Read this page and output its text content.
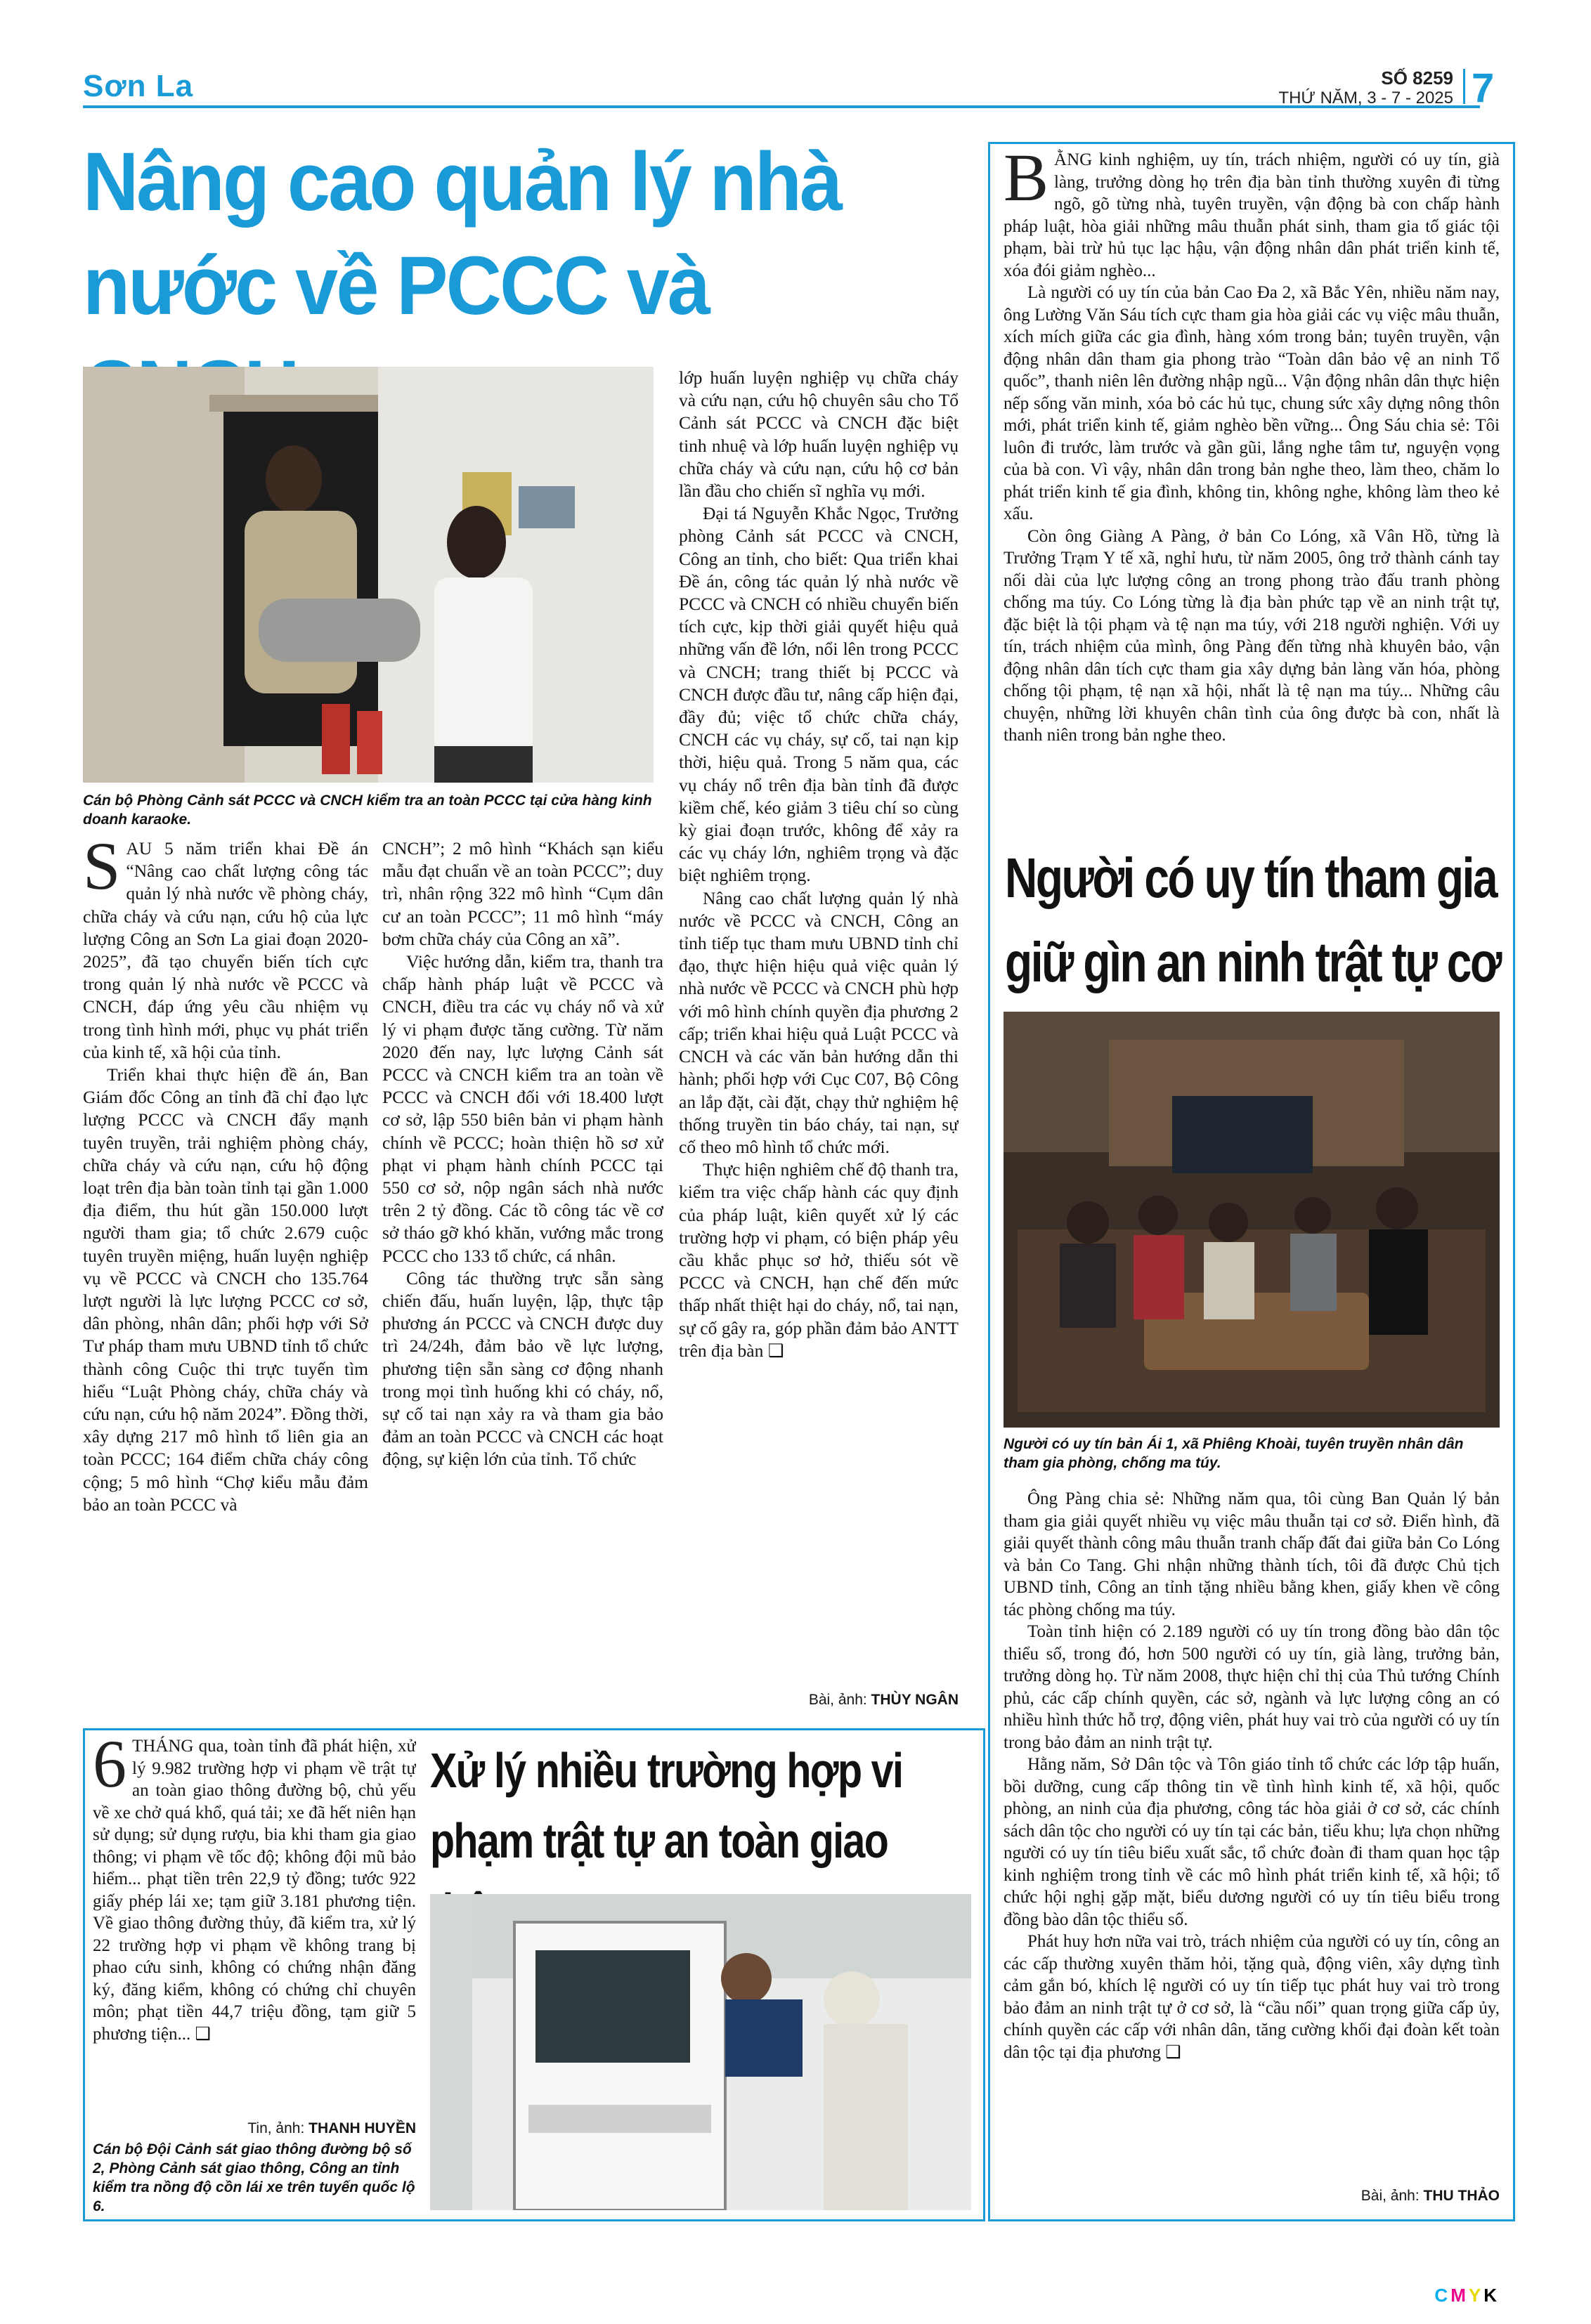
Sơn La	SỐ 8259
THỨ NĂM, 3 - 7 - 2025 7
Nâng cao quản lý nhà nước về PCCC và
Cán bộ Phòng Cảnh sát PCCC và CNCH kiểm tra an toàn PCCC tại cửa hàng kinh doanh karaoke.
S AU 5 năm triển khai Đề án “Nâng cao chất lượng công tác quản lý nhà nước về phòng cháy, chữa cháy và cứu nạn, cứu hộ của lực lượng Công an Sơn La giai đoạn 2020-2025”, đã tạo chuyển biến tích cực trong quản lý nhà nước về PCCC và CNCH, đáp ứng yêu cầu nhiệm vụ trong tình hình mới, phục vụ phát triển của kinh tế, xã hội của tỉnh.

Triển khai thực hiện đề án, Ban Giám đốc Công an tỉnh đã chỉ đạo lực lượng PCCC và CNCH đẩy mạnh tuyên truyền, trải nghiệm phòng cháy, chữa cháy và cứu nạn, cứu hộ động loạt trên địa bàn toàn tỉnh tại gần 1.000 địa điểm, thu hút gần 150.000 lượt người tham gia; tổ chức 2.679 cuộc tuyên truyền miệng, huấn luyện nghiệp vụ về PCCC và CNCH cho 135.764 lượt người là lực lượng PCCC cơ sở, dân phòng, nhân dân; phối hợp với Sở Tư pháp tham mưu UBND tỉnh tổ chức thành công Cuộc thi trực tuyến tìm hiểu “Luật Phòng cháy, chữa cháy và cứu nạn, cứu hộ năm 2024”. Đồng thời, xây dựng 217 mô hình tổ liên gia an toàn PCCC; 164 điểm chữa cháy công cộng; 5 mô hình “Chợ kiểu mẫu đảm bảo an toàn PCCC và

CNCH”; 2 mô hình “Khách sạn kiểu mẫu đạt chuẩn về an toàn PCCC”; duy trì, nhân rộng 322 mô hình “Cụm dân cư an toàn PCCC”; 11 mô hình “máy bơm chữa cháy của Công an xã”.

Việc hướng dẫn, kiểm tra, thanh tra chấp hành pháp luật về PCCC và CNCH, điều tra các vụ cháy nổ và xử lý vi phạm được tăng cường. Từ năm 2020 đến nay, lực lượng Cảnh sát PCCC và CNCH kiểm tra an toàn về PCCC và CNCH đối với 18.400 lượt cơ sở, lập 550 biên bản vi phạm hành chính về PCCC; hoàn thiện hồ sơ xử phạt vi phạm hành chính PCCC tại 550 cơ sở, nộp ngân sách nhà nước trên 2 tỷ đồng. Các tồ công tác về cơ sở tháo gỡ khó khăn, vướng mắc trong PCCC cho 133 tổ chức, cá nhân.

Công tác thường trực sẵn sàng chiến đấu, huấn luyện, lập, thực tập phương án PCCC và CNCH được duy trì 24/24h, đảm bảo về lực lượng, phương tiện sẵn sàng cơ động nhanh trong mọi tình huống khi có cháy, nổ, sự cố tai nạn xảy ra và tham gia bảo đảm an toàn PCCC và CNCH các hoạt động, sự kiện lớn của tỉnh. Tổ chức

lớp huấn luyện nghiệp vụ chữa cháy và cứu nạn, cứu hộ chuyên sâu cho Tổ Cảnh sát PCCC và CNCH đặc biệt tinh nhuệ và lớp huấn luyện nghiệp vụ chữa cháy và cứu nạn, cứu hộ cơ bản lần đầu cho chiến sĩ nghĩa vụ mới.

Đại tá Nguyễn Khắc Ngọc, Trưởng phòng Cảnh sát PCCC và CNCH, Công an tỉnh, cho biết: Qua triển khai Đề án, công tác quản lý nhà nước về PCCC và CNCH có nhiều chuyển biến tích cực, kịp thời giải quyết hiệu quả những vấn đề lớn, nổi lên trong PCCC và CNCH; trang thiết bị PCCC và CNCH được đầu tư, nâng cấp hiện đại, đầy đủ; việc tổ chức chữa cháy, CNCH các vụ cháy, sự cố, tai nạn kịp thời, hiệu quả. Trong 5 năm qua, các vụ cháy nổ trên địa bàn tỉnh đã được kiềm chế, kéo giảm 3 tiêu chí so cùng kỳ giai đoạn trước, không để xảy ra các vụ cháy lớn, nghiêm trọng và đặc biệt nghiêm trọng.

Nâng cao chất lượng quản lý nhà nước về PCCC và CNCH, Công an tỉnh tiếp tục tham mưu UBND tỉnh chỉ đạo, thực hiện hiệu quả việc quản lý nhà nước về PCCC và CNCH phù hợp với mô hình chính quyền địa phương 2 cấp; triển khai hiệu quả Luật PCCC và CNCH và các văn bản hướng dẫn thi hành; phối hợp với Cục C07, Bộ Công an lắp đặt, cài đặt, chạy thử nghiệm hệ thống truyền tin báo cháy, tai nạn, sự cố theo mô hình tổ chức mới.

Thực hiện nghiêm chế độ thanh tra, kiểm tra việc chấp hành các quy định của pháp luật, kiên quyết xử lý các trường hợp vi phạm, có biện pháp yêu cầu khắc phục sơ hở, thiếu sót về PCCC và CNCH, hạn chế đến mức thấp nhất thiệt hại do cháy, nổ, tai nạn, sự cố gây ra, góp phần đảm bảo ANTT trên địa bàn ❑

Bài, ảnh: THÙY NGÂN
B ẰNG kinh nghiệm, uy tín, trách nhiệm, người có uy tín, già làng, trưởng dòng họ trên địa bàn tỉnh thường xuyên đi từng ngõ, gõ từng nhà, tuyên truyền, vận động bà con chấp hành pháp luật, hòa giải những mâu thuẫn phát sinh, tham gia tố giác tội phạm, bài trừ hủ tục lạc hậu, vận động nhân dân phát triển kinh tế, xóa đói giảm nghèo...

Là người có uy tín của bản Cao Đa 2, xã Bắc Yên, nhiều năm nay, ông Lường Văn Sáu tích cực tham gia hòa giải các vụ việc mâu thuẫn, xích mích giữa các gia đình, hàng xóm trong bản; tuyên truyền, vận động nhân dân tham gia phong trào “Toàn dân bảo vệ an ninh Tổ quốc”, thanh niên lên đường nhập ngũ... Vận động nhân dân thực hiện nếp sống văn minh, xóa bỏ các hủ tục, chung sức xây dựng nông thôn mới, phát triển kinh tế, giảm nghèo bền vững... Ông Sáu chia sẻ: Tôi luôn đi trước, làm trước và gần gũi, lắng nghe tâm tư, nguyện vọng của bà con. Vì vậy, nhân dân trong bản nghe theo, làm theo, chăm lo phát triển kinh tế gia đình, không tin, không nghe, không làm theo kẻ xấu.

Còn ông Giàng A Pàng, ở bản Co Lóng, xã Vân Hồ, từng là Trưởng Trạm Y tế xã, nghỉ hưu, từ năm 2005, ông trở thành cánh tay nối dài của lực lượng công an trong phong trào đấu tranh phòng chống ma túy. Co Lóng từng là địa bàn phức tạp về an ninh trật tự, đặc biệt là tội phạm và tệ nạn ma túy, với 218 người nghiện. Với uy tín, trách nhiệm của mình, ông Pàng đến từng nhà khuyên bảo, vận động nhân dân tích cực tham gia xây dựng bản làng văn hóa, phòng chống tội phạm, tệ nạn xã hội, nhất là tệ nạn ma túy... Những câu chuyện, những lời khuyên chân tình của ông được bà con, nhất là thanh niên trong bản nghe theo.

Người có uy tín tham gia giữ gìn an ninh trật tự cơ
Người có uy tín bản Ái 1, xã Phiêng Khoài, tuyên truyền nhân dân tham gia phòng, chống ma túy.

Ông Pàng chia sẻ: Những năm qua, tôi cùng Ban Quản lý bản tham gia giải quyết nhiều vụ việc mâu thuẫn tại cơ sở. Điển hình, đã giải quyết thành công mâu thuẫn tranh chấp đất đai giữa bản Co Lóng và bản Co Tang. Ghi nhận những thành tích, tôi đã được Chủ tịch UBND tỉnh, Công an tỉnh tặng nhiều bằng khen, giấy khen về công tác phòng chống ma túy.

Toàn tỉnh hiện có 2.189 người có uy tín trong đồng bào dân tộc thiểu số, trong đó, hơn 500 người có uy tín, già làng, trưởng bản, trưởng dòng họ. Từ năm 2008, thực hiện chỉ thị của Thủ tướng Chính phủ, các cấp chính quyền, các sở, ngành và lực lượng công an có nhiều hình thức hỗ trợ, động viên, phát huy vai trò của người có uy tín trong bảo đảm an ninh trật tự.

Hằng năm, Sở Dân tộc và Tôn giáo tỉnh tổ chức các lớp tập huấn, bồi dưỡng, cung cấp thông tin về tình hình kinh tế, xã hội, quốc phòng, an ninh của địa phương, công tác hòa giải ở cơ sở, các chính sách dân tộc cho người có uy tín tại các bản, tiểu khu; lựa chọn những người có uy tín tiêu biểu xuất sắc, tổ chức đoàn đi tham quan học tập kinh nghiệm trong tỉnh về các mô hình phát triển kinh tế, xã hội; tổ chức hội nghị gặp mặt, biểu dương người có uy tín tiêu biểu trong đồng bào dân tộc thiểu số.

Phát huy hơn nữa vai trò, trách nhiệm của người có uy tín, công an các cấp thường xuyên thăm hỏi, tặng quà, động viên, xây dựng tình cảm gắn bó, khích lệ người có uy tín tiếp tục phát huy vai trò trong bảo đảm an ninh trật tự ở cơ sở, là “cầu nối” quan trọng giữa cấp ủy, chính quyền các cấp với nhân dân, tăng cường khối đại đoàn kết toàn dân tộc tại địa phương ❑

Bài, ảnh: THU THẢO
6 THÁNG qua, toàn tỉnh đã phát hiện, xử lý 9.982 trường hợp vi phạm về trật tự an toàn giao thông đường bộ, chủ yếu về xe chở quá khổ, quá tải; xe đã hết niên hạn sử dụng; sử dụng rượu, bia khi tham gia giao thông; vi phạm về tốc độ; không đội mũ bảo hiểm... phạt tiền trên 22,9 tỷ đồng; tước 922 giấy phép lái xe; tạm giữ 3.181 phương tiện. Về giao thông đường thủy, đã kiểm tra, xử lý 22 trường hợp vi phạm về không trang bị phao cứu sinh, không có chứng nhận đăng ký, đăng kiểm, không có chứng chỉ chuyên môn; phạt tiền 44,7 triệu đồng, tạm giữ 5 phương tiện... ❑

Tin, ảnh: THANH HUYỀN
Cán bộ Đội Cảnh sát giao thông đường bộ số 2, Phòng Cảnh sát giao thông, Công an tỉnh kiểm tra nồng độ cồn lái xe trên tuyến quốc lộ 6.
Xử lý nhiều trường hợp vi phạm trật tự an toàn giao
CMYK
